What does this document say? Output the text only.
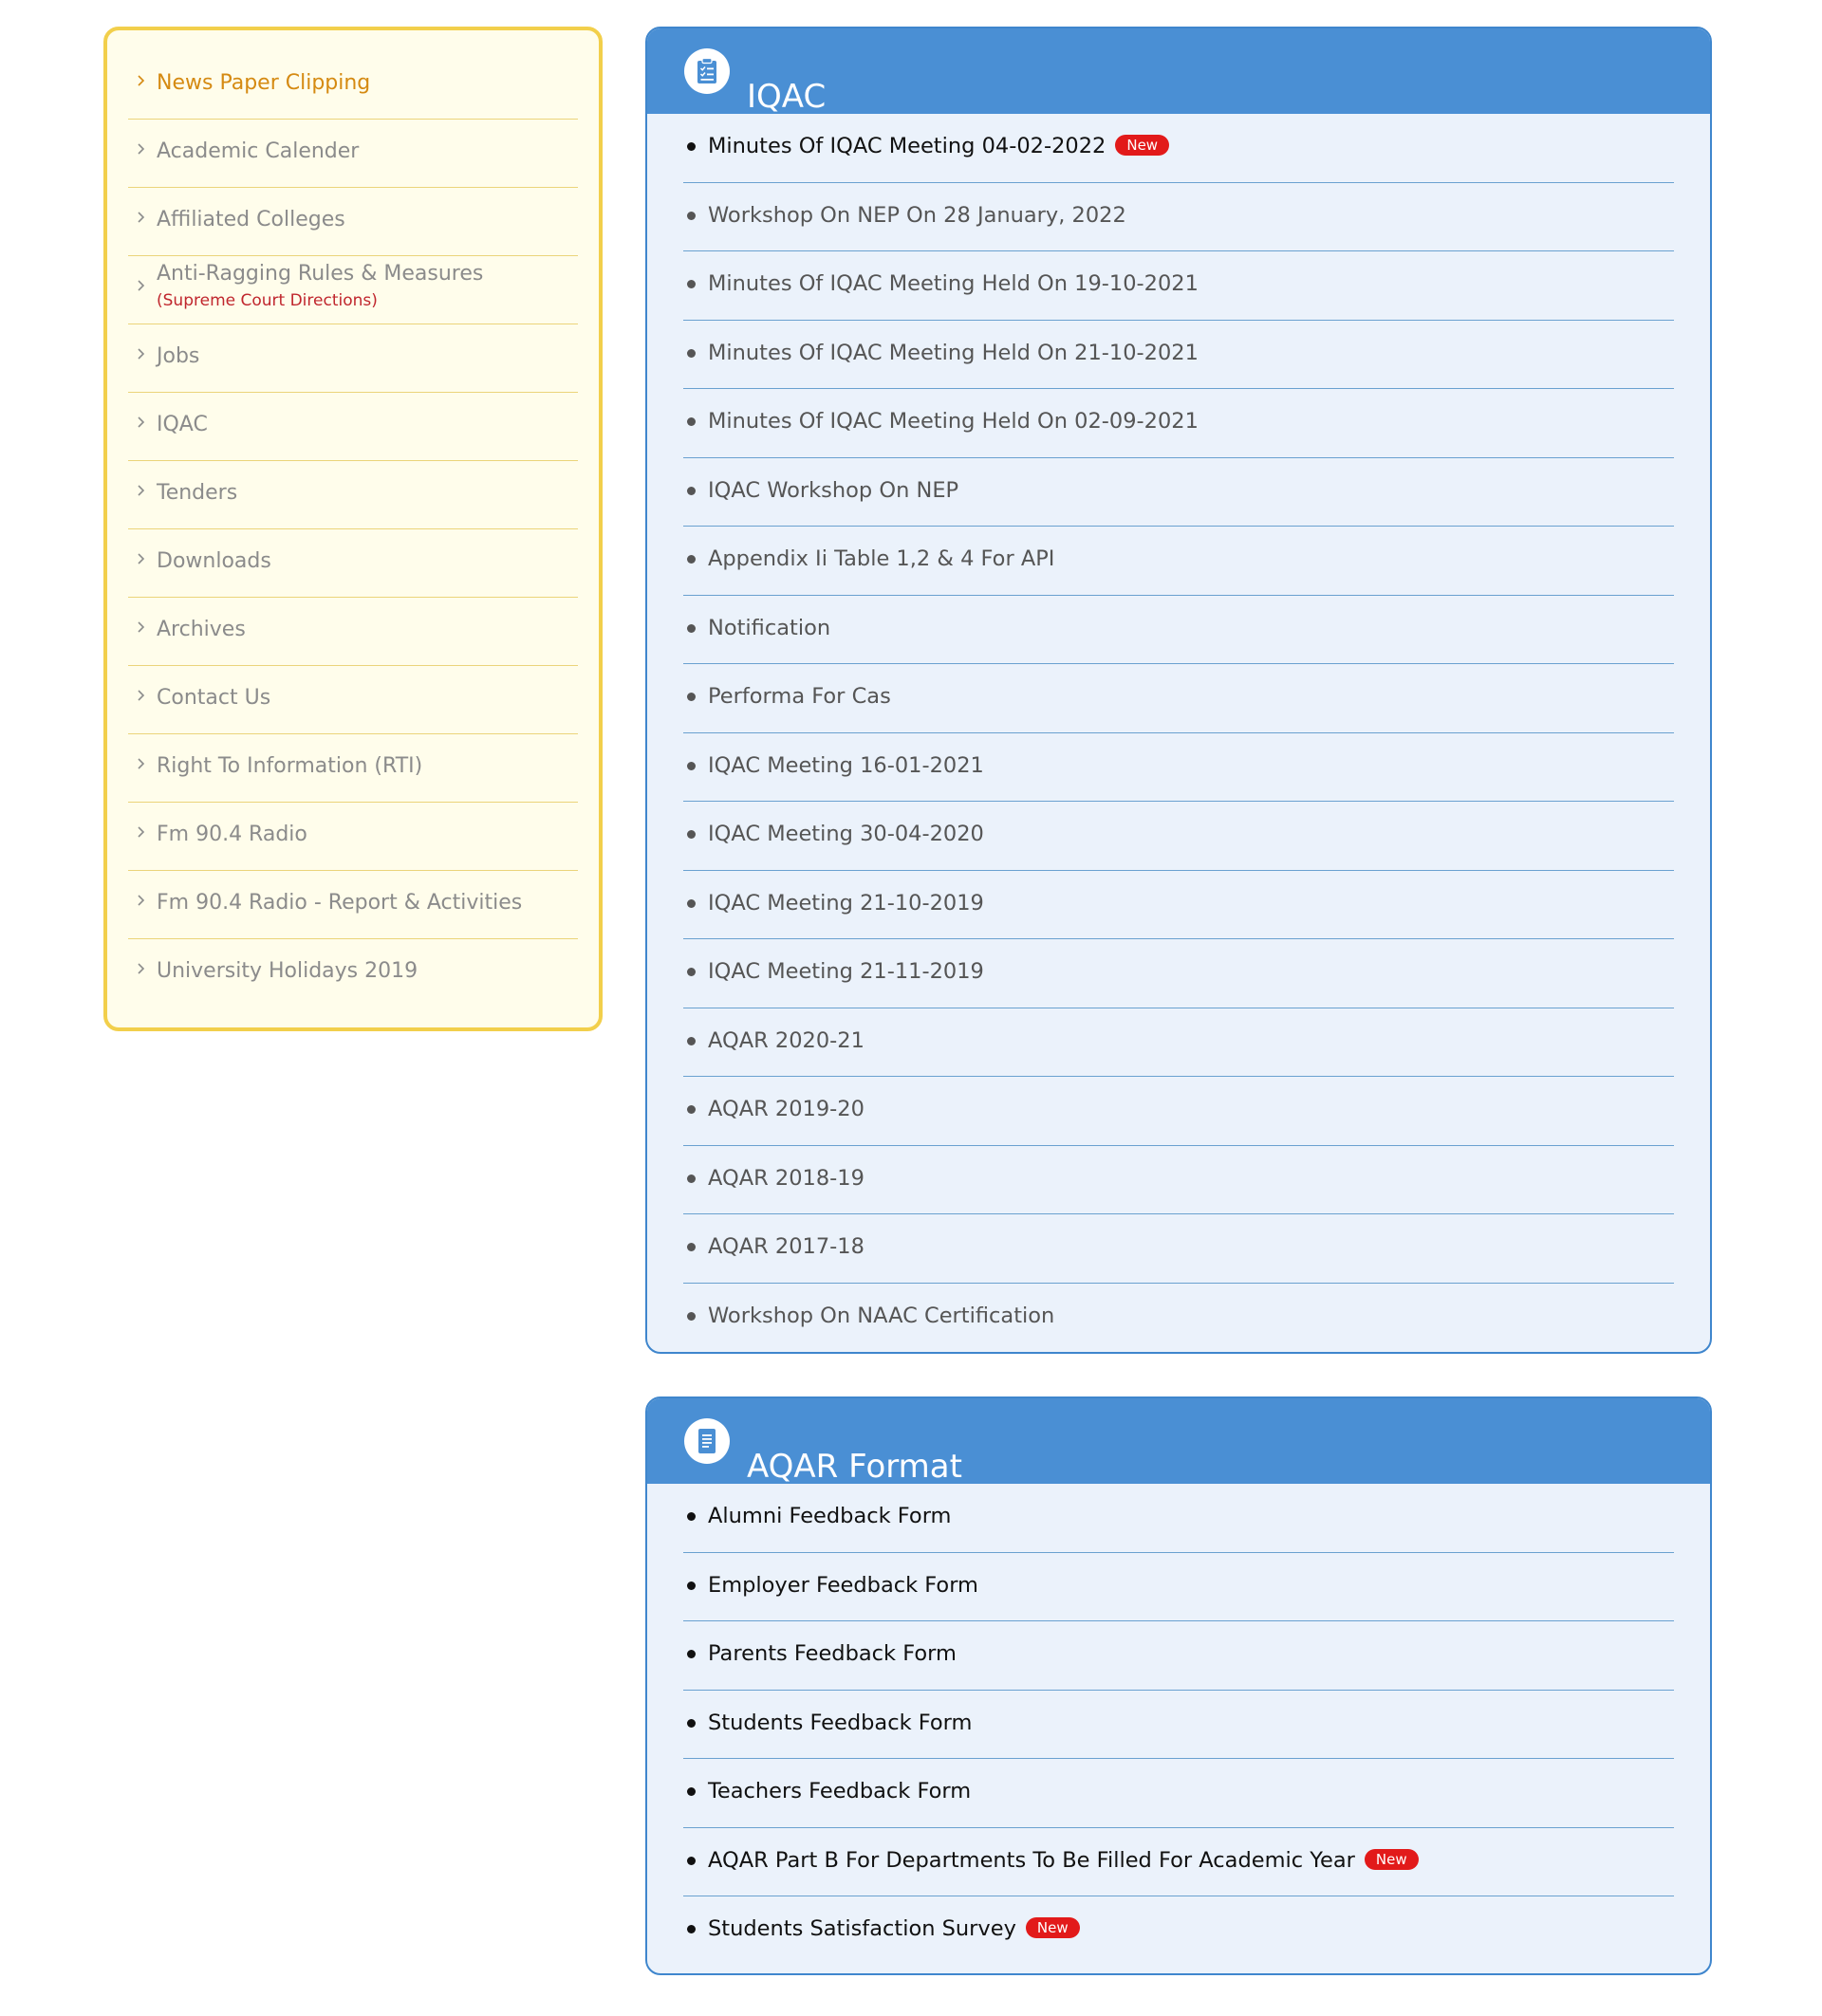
News Paper Clipping
Academic Calender
Affiliated Colleges
Anti-Ragging Rules & Measures
(Supreme Court Directions)
Jobs
IQAC
Tenders
Downloads
Archives
Contact Us
Right To Information (RTI)
Fm 90.4 Radio
Fm 90.4 Radio - Report & Activities
University Holidays 2019
IQAC
Minutes Of IQAC Meeting 04-02-2022 New
Workshop On NEP On 28 January, 2022
Minutes Of IQAC Meeting Held On 19-10-2021
Minutes Of IQAC Meeting Held On 21-10-2021
Minutes Of IQAC Meeting Held On 02-09-2021
IQAC Workshop On NEP
Appendix Ii Table 1,2 & 4 For API
Notification
Performa For Cas
IQAC Meeting 16-01-2021
IQAC Meeting 30-04-2020
IQAC Meeting 21-10-2019
IQAC Meeting 21-11-2019
AQAR 2020-21
AQAR 2019-20
AQAR 2018-19
AQAR 2017-18
Workshop On NAAC Certification
AQAR Format
Alumni Feedback Form
Employer Feedback Form
Parents Feedback Form
Students Feedback Form
Teachers Feedback Form
AQAR Part B For Departments To Be Filled For Academic Year New
Students Satisfaction Survey New
